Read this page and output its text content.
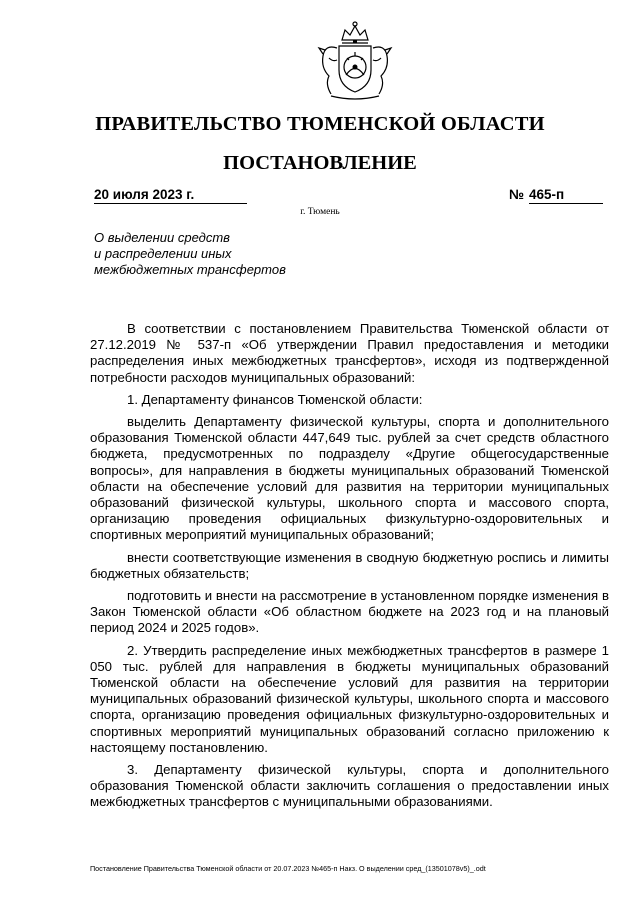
ПРАВИТЕЛЬСТВО ТЮМЕНСКОЙ ОБЛАСТИ
ПОСТАНОВЛЕНИЕ
20 июля 2023 г.	№ 465-п
г. Тюмень
О выделении средств
и распределении иных
межбюджетных трансфертов

В соответствии с постановлением Правительства Тюменской области от 27.12.2019 № 537-п «Об утверждении Правил предоставления и методики распределения иных межбюджетных трансфертов», исходя из подтвержденной потребности расходов муниципальных образований:

1. Департаменту финансов Тюменской области:

выделить Департаменту физической культуры, спорта и дополнительного образования Тюменской области 447,649 тыс. рублей за счет средств областного бюджета, предусмотренных по подразделу «Другие общегосударственные вопросы», для направления в бюджеты муниципальных образований Тюменской области на обеспечение условий для развития на территории муниципальных образований физической культуры, школьного спорта и массового спорта, организацию проведения официальных физкультурно-оздоровительных и спортивных мероприятий муниципальных образований;

внести соответствующие изменения в сводную бюджетную роспись и лимиты бюджетных обязательств;

подготовить и внести на рассмотрение в установленном порядке изменения в Закон Тюменской области «Об областном бюджете на 2023 год и на плановый период 2024 и 2025 годов».

2. Утвердить распределение иных межбюджетных трансфертов в размере 1 050 тыс. рублей для направления в бюджеты муниципальных образований Тюменской области на обеспечение условий для развития на территории муниципальных образований физической культуры, школьного спорта и массового спорта, организацию проведения официальных физкультурно-оздоровительных и спортивных мероприятий муниципальных образований согласно приложению к настоящему постановлению.

3. Департаменту физической культуры, спорта и дополнительного образования Тюменской области заключить соглашения о предоставлении иных межбюджетных трансфертов с муниципальными образованиями.

Постановление Правительства Тюменской области от 20.07.2023 №465-п Накз. О выделении сред_(13501078v5)_.odt
